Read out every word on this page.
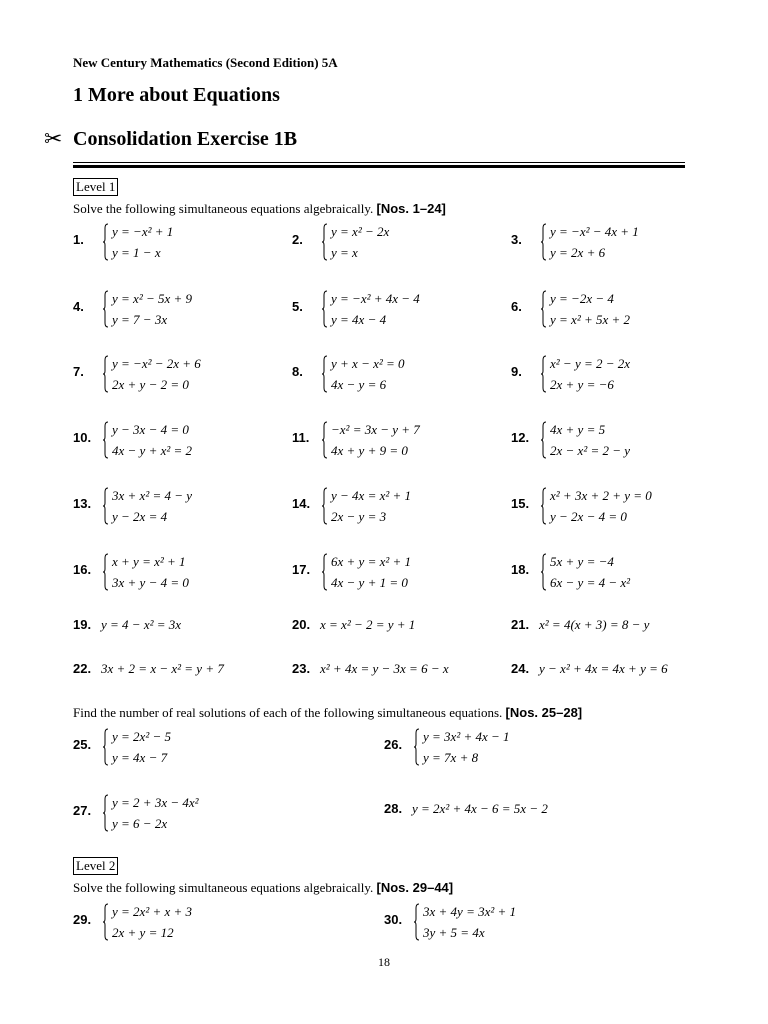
New Century Mathematics (Second Edition) 5A
1 More about Equations
✂ Consolidation Exercise 1B
Level 1
Solve the following simultaneous equations algebraically. [Nos. 1–24]
1.
y = −x² + 1
y = 1 − x
2.
y = x² − 2x
y = x
3.
y = −x² − 4x + 1
y = 2x + 6
4.
y = x² − 5x + 9
y = 7 − 3x
5.
y = −x² + 4x − 4
y = 4x − 4
6.
y = −2x − 4
y = x² + 5x + 2
7.
y = −x² − 2x + 6
2x + y − 2 = 0
8.
y + x − x² = 0
4x − y = 6
9.
x² − y = 2 − 2x
2x + y = −6
10.
y − 3x − 4 = 0
4x − y + x² = 2
11.
−x² = 3x − y + 7
4x + y + 9 = 0
12.
4x + y = 5
2x − x² = 2 − y
13.
3x + x² = 4 − y
y − 2x = 4
14.
y − 4x = x² + 1
2x − y = 3
15.
x² + 3x + 2 + y = 0
y − 2x − 4 = 0
16.
x + y = x² + 1
3x + y − 4 = 0
17.
6x + y = x² + 1
4x − y + 1 = 0
18.
5x + y = −4
6x − y = 4 − x²
19. y = 4 − x² = 3x	20. x = x² − 2 = y + 1	21. x² = 4(x + 3) = 8 − y
22. 3x + 2 = x − x² = y + 7	23. x² + 4x = y − 3x = 6 − x	24. y − x² + 4x = 4x + y = 6
Find the number of real solutions of each of the following simultaneous equations. [Nos. 25–28]
25.
y = 2x² − 5
y = 4x − 7
26.
y = 3x² + 4x − 1
y = 7x + 8
27.
y = 2 + 3x − 4x²
y = 6 − 2x
28. y = 2x² + 4x − 6 = 5x − 2
Level 2
Solve the following simultaneous equations algebraically. [Nos. 29–44]
29.
y = 2x² + x + 3
2x + y = 12
30.
3x + 4y = 3x² + 1
3y + 5 = 4x
18
